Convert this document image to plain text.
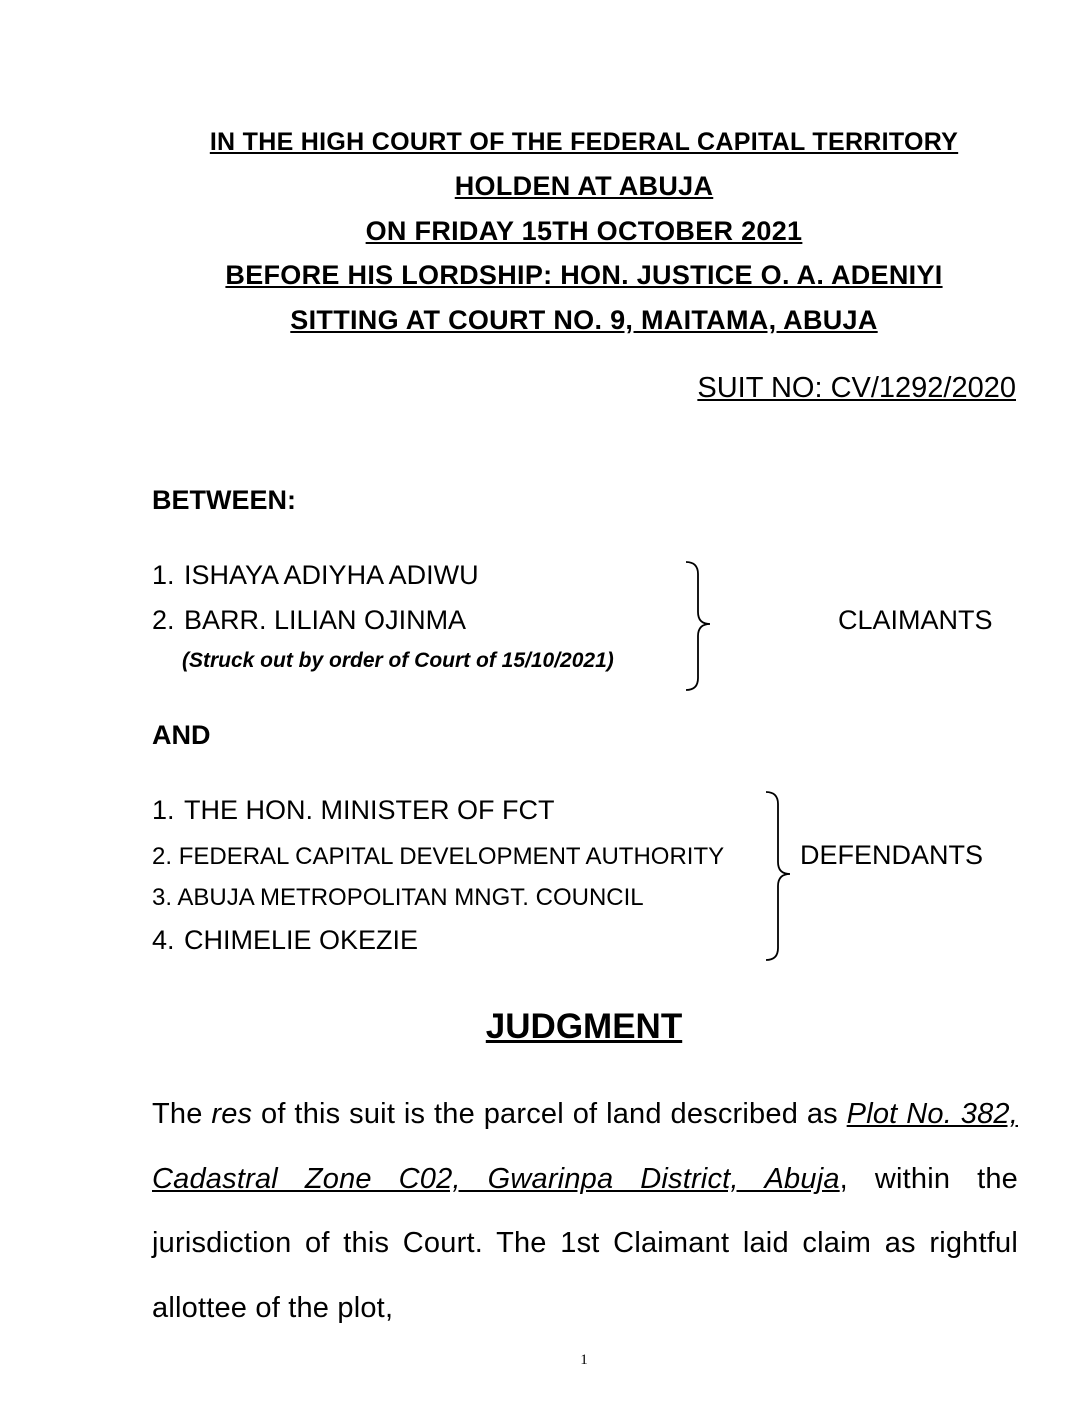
IN THE HIGH COURT OF THE FEDERAL CAPITAL TERRITORY
HOLDEN AT ABUJA
ON FRIDAY 15TH OCTOBER 2021
BEFORE HIS LORDSHIP: HON. JUSTICE O. A. ADENIYI
SITTING AT COURT NO. 9, MAITAMA, ABUJA
SUIT NO: CV/1292/2020
BETWEEN:
1. ISHAYA ADIYHA ADIWU
2. BARR. LILIAN OJINMA
(Struck out by order of Court of 15/10/2021)
CLAIMANTS
AND
1. THE HON. MINISTER OF FCT
2. FEDERAL CAPITAL DEVELOPMENT AUTHORITY
3. ABUJA METROPOLITAN MNGT. COUNCIL
4. CHIMELIE OKEZIE
DEFENDANTS
JUDGMENT
The res of this suit is the parcel of land described as Plot No. 382, Cadastral Zone C02, Gwarinpa District, Abuja, within the jurisdiction of this Court. The 1st Claimant laid claim as rightful allottee of the plot,
1
